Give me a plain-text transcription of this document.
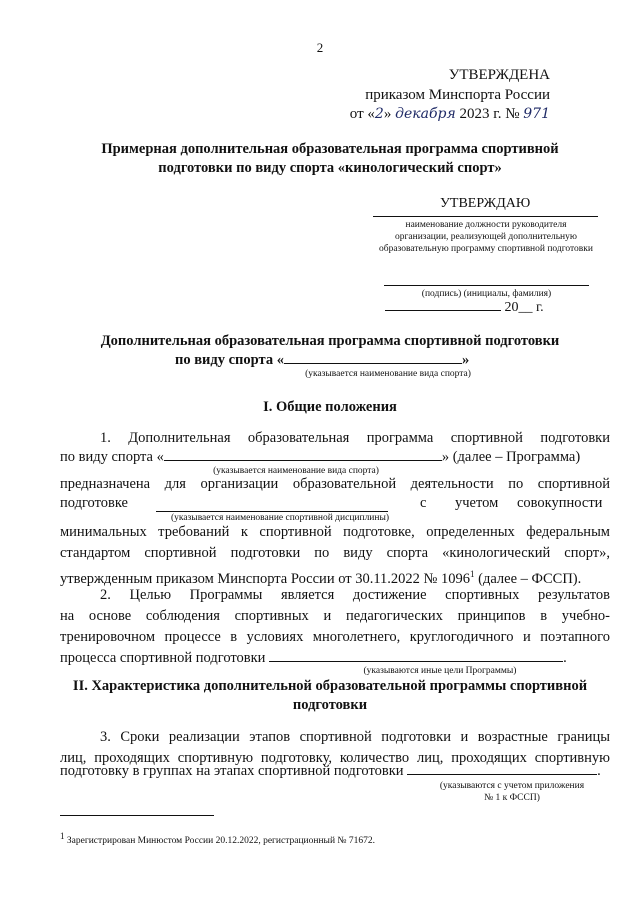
2
УТВЕРЖДЕНА
приказом Минспорта России
от «2» декабря 2023 г. № 971
Примерная дополнительная образовательная программа спортивной
подготовки по виду спорта «кинологический спорт»
УТВЕРЖДАЮ
наименование должности руководителя
организации, реализующей дополнительную
образовательную программу спортивной подготовки
(подпись) (инициалы, фамилия)
20__ г.
Дополнительная образовательная программа спортивной подготовки
по виду спорта «	»
(указывается наименование вида спорта)
I. Общие положения
1. Дополнительная образовательная программа спортивной подготовки
по виду спорта «	» (далее – Программа)
(указывается наименование вида спорта)
предназначена для организации образовательной деятельности по спортивной
подготовке	с учетом совокупности
(указывается наименование спортивной дисциплины)
минимальных требований к спортивной подготовке, определенных федеральным
стандартом спортивной подготовки по виду спорта «кинологический спорт»,
утвержденным приказом Минспорта России от 30.11.2022 № 1096$^1$ (далее – ФССП).
2. Целью Программы является достижение спортивных результатов
на основе соблюдения спортивных и педагогических принципов в учебно-
тренировочном процессе в условиях многолетнего, круглогодичного и поэтапного
процесса спортивной подготовки	.
(указываются иные цели Программы)
II. Характеристика дополнительной образовательной программы спортивной
подготовки
3. Сроки реализации этапов спортивной подготовки и возрастные границы
лиц, проходящих спортивную подготовку, количество лиц, проходящих спортивную
подготовку в группах на этапах спортивной подготовки	.
(указываются с учетом приложения
№ 1 к ФССП)
$^1$ Зарегистрирован Минюстом России 20.12.2022, регистрационный № 71672.
